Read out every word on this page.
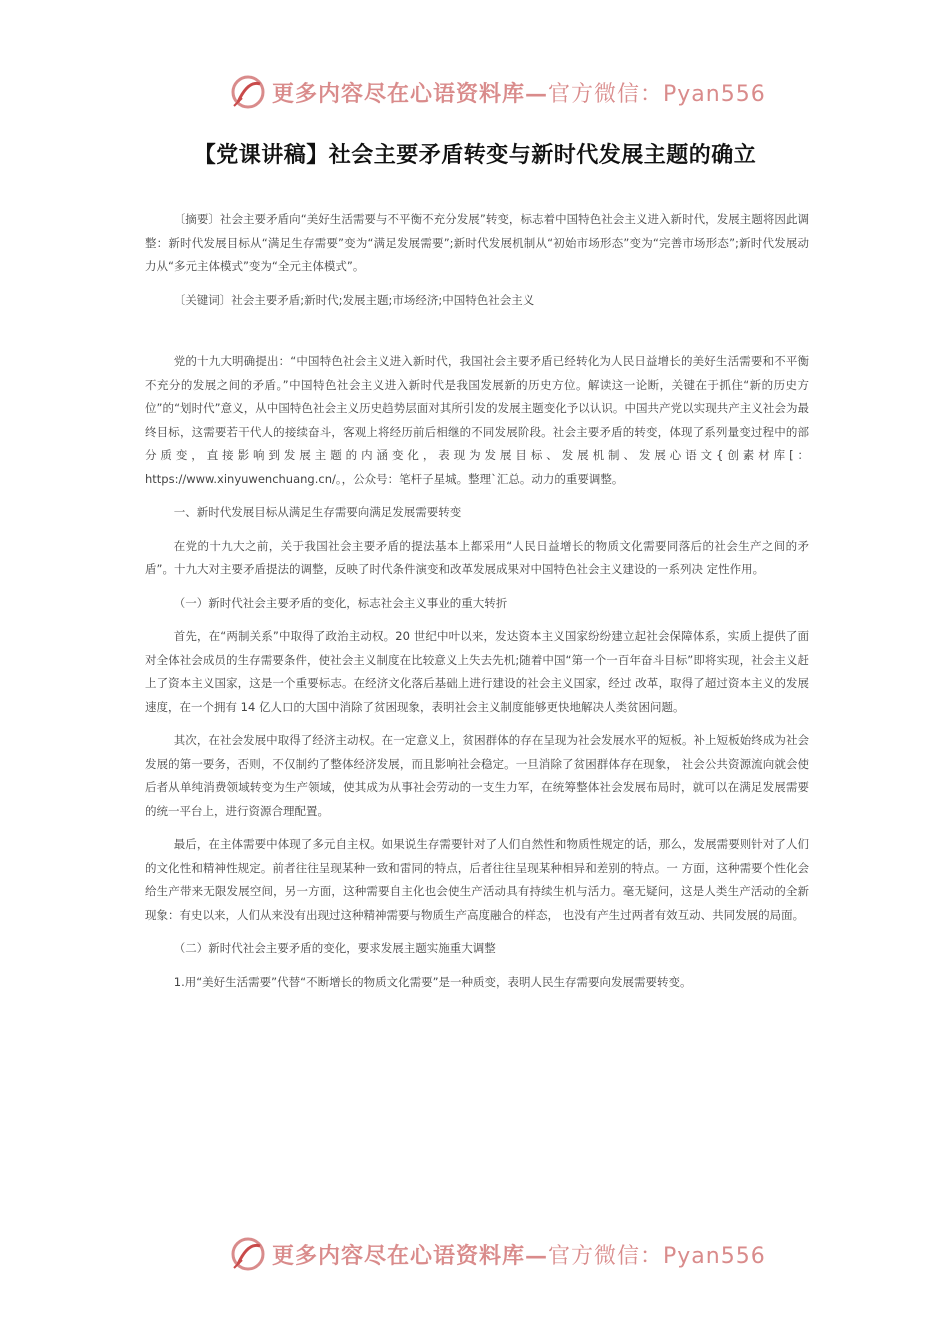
更多内容尽在心语资料库—官方微信：Pyan556
【党课讲稿】社会主要矛盾转变与新时代发展主题的确立

〔摘要〕社会主要矛盾向“美好生活需要与不平衡不充分发展”转变，标志着中国特色社会主义进入新时代，发展主题将因此调整：新时代发展目标从“满足生存需要”变为“满足发展需要”;新时代发展机制从“初始市场形态”变为“完善市场形态”;新时代发展动力从“多元主体模式”变为“全元主体模式”。

〔关键词〕社会主要矛盾;新时代;发展主题;市场经济;中国特色社会主义

党的十九大明确提出：“中国特色社会主义进入新时代，我国社会主要矛盾已经转化为人民日益增长的美好生活需要和不平衡不充分的发展之间的矛盾。”中国特色社会主义进入新时代是我国发展新的历史方位。解读这一论断，关键在于抓住“新的历史方位”的“划时代”意义，从中国特色社会主义历史趋势层面对其所引发的发展主题变化予以认识。中国共产党以实现共产主义社会为最终目标，这需要若干代人的接续奋斗，客观上将经历前后相继的不同发展阶段。社会主要矛盾的转变，体现了系列量变过程中的部分质变，直接影响到发展主题的内涵变化，表现为发展目标、发展机制、发展心语文{创素材库[：https://www.xinyuwenchuang.cn/。，公众号：笔杆子星城。整理`汇总。动力的重要调整。

一、新时代发展目标从满足生存需要向满足发展需要转变

在党的十九大之前，关于我国社会主要矛盾的提法基本上都采用“人民日益增长的物质文化需要同落后的社会生产之间的矛盾”。十九大对主要矛盾提法的调整，反映了时代条件演变和改革发展成果对中国特色社会主义建设的一系列决 定性作用。

（一）新时代社会主要矛盾的变化，标志社会主义事业的重大转折

首先，在“两制关系”中取得了政治主动权。20 世纪中叶以来，发达资本主义国家纷纷建立起社会保障体系，实质上提供了面对全体社会成员的生存需要条件，使社会主义制度在比较意义上失去先机;随着中国“第一个一百年奋斗目标”即将实现，社会主义赶上了资本主义国家，这是一个重要标志。在经济文化落后基础上进行建设的社会主义国家，经过 改革，取得了超过资本主义的发展速度，在一个拥有 14 亿人口的大国中消除了贫困现象，表明社会主义制度能够更快地解决人类贫困问题。

其次，在社会发展中取得了经济主动权。在一定意义上，贫困群体的存在呈现为社会发展水平的短板。补上短板始终成为社会发展的第一要务，否则，不仅制约了整体经济发展，而且影响社会稳定。一旦消除了贫困群体存在现象， 社会公共资源流向就会使后者从单纯消费领域转变为生产领域，使其成为从事社会劳动的一支生力军，在统筹整体社会发展布局时，就可以在满足发展需要的统一平台上，进行资源合理配置。

最后，在主体需要中体现了多元自主权。如果说生存需要针对了人们自然性和物质性规定的话，那么，发展需要则针对了人们的文化性和精神性规定。前者往往呈现某种一致和雷同的特点，后者往往呈现某种相异和差别的特点。一 方面，这种需要个性化会给生产带来无限发展空间，另一方面，这种需要自主化也会使生产活动具有持续生机与活力。毫无疑问，这是人类生产活动的全新现象：有史以来，人们从来没有出现过这种精神需要与物质生产高度融合的样态， 也没有产生过两者有效互动、共同发展的局面。

（二）新时代社会主要矛盾的变化，要求发展主题实施重大调整

1.用“美好生活需要”代替“不断增长的物质文化需要”是一种质变，表明人民生存需要向发展需要转变。

更多内容尽在心语资料库—官方微信：Pyan556
